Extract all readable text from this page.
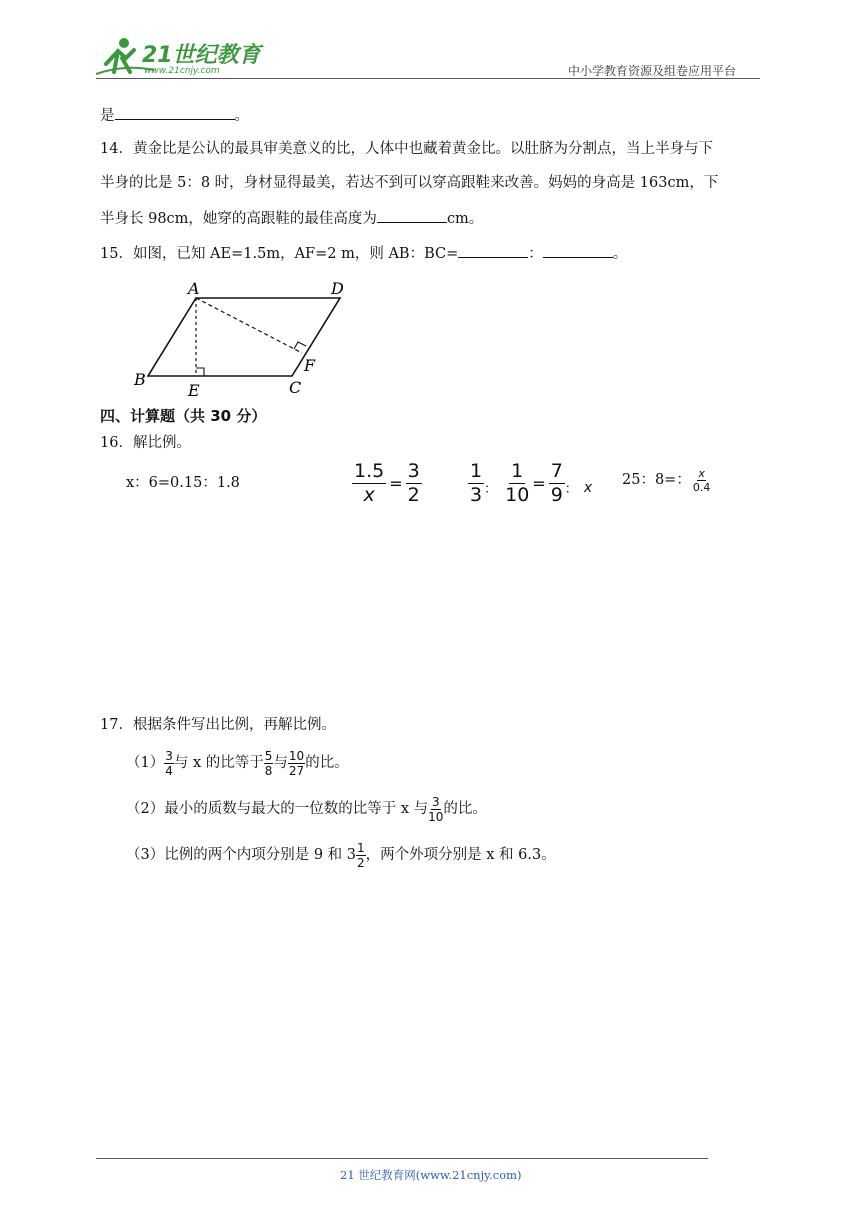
21世纪教育
www.21cnjy.com	中小学教育资源及组卷应用平台
是	。
14．黄金比是公认的最具审美意义的比，人体中也藏着黄金比。以肚脐为分割点，当上半身与下
半身的比是 5：8 时，身材显得最美，若达不到可以穿高跟鞋来改善。妈妈的身高是 163cm，下
半身长 98cm，她穿的高跟鞋的最佳高度为	cm。
15．如图，已知 AE=1.5m，AF=2 m，则 AB：BC=	：	。
A	D
B
E	C
F
四、计算题（共 30 分）
16．解比例。
x：6=0.15：1.8	$\frac{1.5}{x} = \frac{3}{2} \frac{1}{3}$ ： $\frac{1}{10} = \frac{7}{9}$ ： x 25：8=： $\frac{x}{0.4}$
17．根据条件写出比例，再解比例。
$(1) \frac{3}{4}$ 与 x 的比等于 $\frac{5}{8}$ 与 $\frac{10}{27}$ 的比。
（2） 最小的质数与最大的一位数的比等于 x 与 $\frac{3}{10}$ 的比。
（3） 比例的两个内项分别是 9 和 $3 \frac{1}{2}$ ，两个外项分别是 x 和 6.3。
21 世纪教育网(www.21cnjy.com)
